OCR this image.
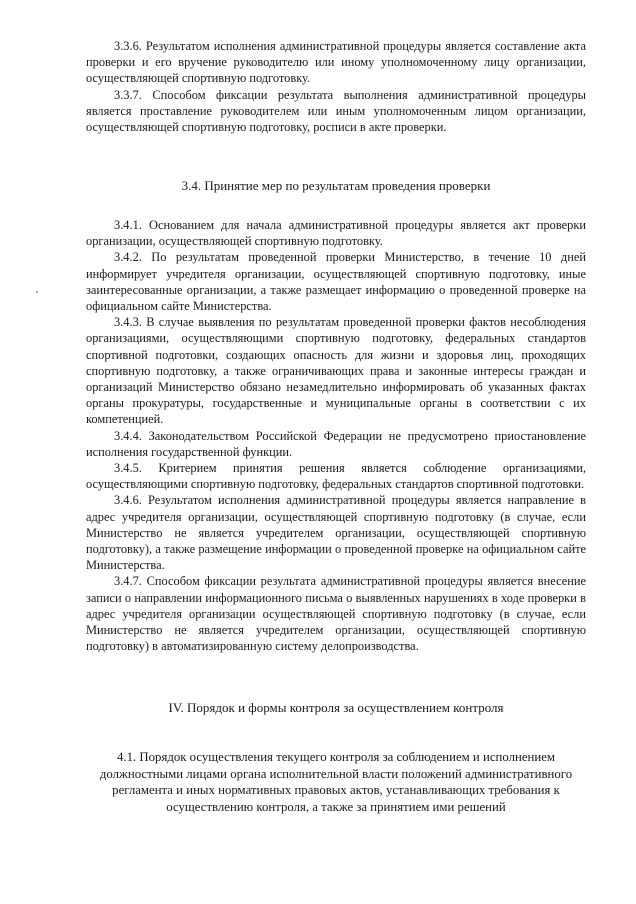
3.3.6. Результатом исполнения административной процедуры является составление акта проверки и его вручение руководителю или иному уполномоченному лицу организации, осуществляющей спортивную подготовку.

3.3.7. Способом фиксации результата выполнения административной процедуры является проставление руководителем или иным уполномоченным лицом организации, осуществляющей спортивную подготовку, росписи в акте проверки.

3.4. Принятие мер по результатам проведения проверки

3.4.1. Основанием для начала административной процедуры является акт проверки организации, осуществляющей спортивную подготовку.

3.4.2. По результатам проведенной проверки Министерство, в течение 10 дней информирует учредителя организации, осуществляющей спортивную подготовку, иные заинтересованные организации, а также размещает информацию о проведенной проверке на официальном сайте Министерства.

3.4.3. В случае выявления по результатам проведенной проверки фактов несоблюдения организациями, осуществляющими спортивную подготовку, федеральных стандартов спортивной подготовки, создающих опасность для жизни и здоровья лиц, проходящих спортивную подготовку, а также ограничивающих права и законные интересы граждан и организаций Министерство обязано незамедлительно информировать об указанных фактах органы прокуратуры, государственные и муниципальные органы в соответствии с их компетенцией.

3.4.4. Законодательством Российской Федерации не предусмотрено приостановление исполнения государственной функции.

3.4.5. Критерием принятия решения является соблюдение организациями, осуществляющими спортивную подготовку, федеральных стандартов спортивной подготовки.

3.4.6. Результатом исполнения административной процедуры является направление в адрес учредителя организации, осуществляющей спортивную подготовку (в случае, если Министерство не является учредителем организации, осуществляющей спортивную подготовку), а также размещение информации о проведенной проверке на официальном сайте Министерства.

3.4.7. Способом фиксации результата административной процедуры является внесение записи о направлении информационного письма о выявленных нарушениях в ходе проверки в адрес учредителя организации осуществляющей спортивную подготовку (в случае, если Министерство не является учредителем организации, осуществляющей спортивную подготовку) в автоматизированную систему делопроизводства.

IV. Порядок и формы контроля за осуществлением контроля
4.1. Порядок осуществления текущего контроля за соблюдением и исполнением должностными лицами органа исполнительной власти положений административного регламента и иных нормативных правовых актов, устанавливающих требования к осуществлению контроля, а также за принятием ими решений
